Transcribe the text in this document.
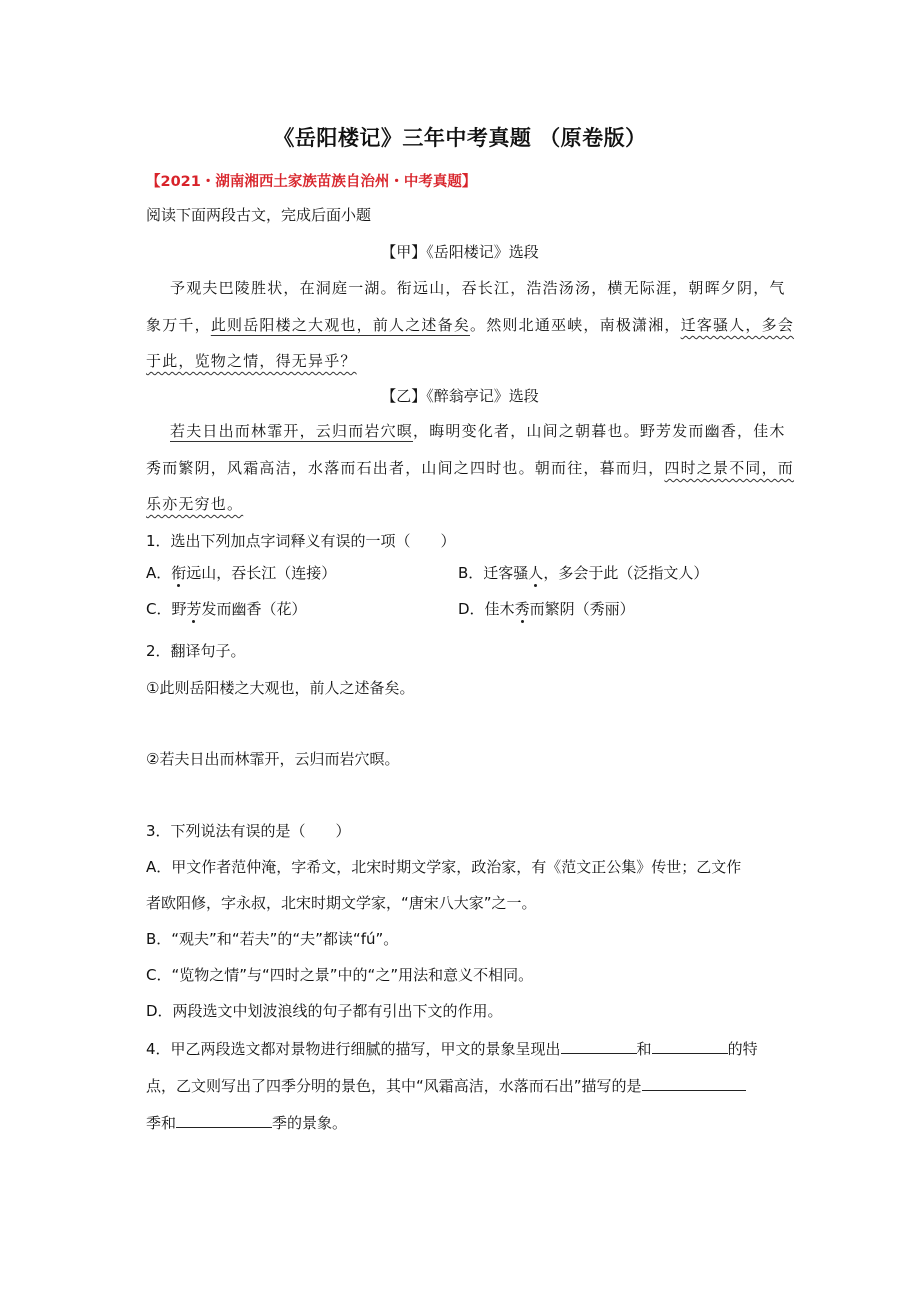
《岳阳楼记》三年中考真题 （原卷版）
【2021・湖南湘西土家族苗族自治州・中考真题】
阅读下面两段古文，完成后面小题
【甲】《岳阳楼记》选段
予观夫巴陵胜状，在洞庭一湖。衔远山，吞长江，浩浩汤汤，横无际涯，朝晖夕阴，气
象万千，此则岳阳楼之大观也，前人之述备矣。然则北通巫峡，南极潇湘，迁客骚人，多会
于此，览物之情，得无异乎？
【乙】《醉翁亭记》选段
若夫日出而林霏开，云归而岩穴暝，晦明变化者，山间之朝暮也。野芳发而幽香，佳木
秀而繁阴，风霜高洁，水落而石出者，山间之四时也。朝而往，暮而归，四时之景不同，而
乐亦无穷也。
1．选出下列加点字词释义有误的一项（　　）
A．衔远山，吞长江（连接）	B．迁客骚人，多会于此（泛指文人）
C．野芳发而幽香（花）	D．佳木秀而繁阴（秀丽）
2．翻译句子。
①此则岳阳楼之大观也，前人之述备矣。
②若夫日出而林霏开，云归而岩穴暝。
3．下列说法有误的是（　　）
A．甲文作者范仲淹，字希文，北宋时期文学家，政治家，有《范文正公集》传世；乙文作
者欧阳修，字永叔，北宋时期文学家，“唐宋八大家”之一。
B．“观夫”和“若夫”的“夫”都读“fú”。
C．“览物之情”与“四时之景”中的“之”用法和意义不相同。
D．两段选文中划波浪线的句子都有引出下文的作用。
4．甲乙两段选文都对景物进行细腻的描写，甲文的景象呈现出	和	的特
点，乙文则写出了四季分明的景色，其中“风霜高洁，水落而石出”描写的是
季和	季的景象。
